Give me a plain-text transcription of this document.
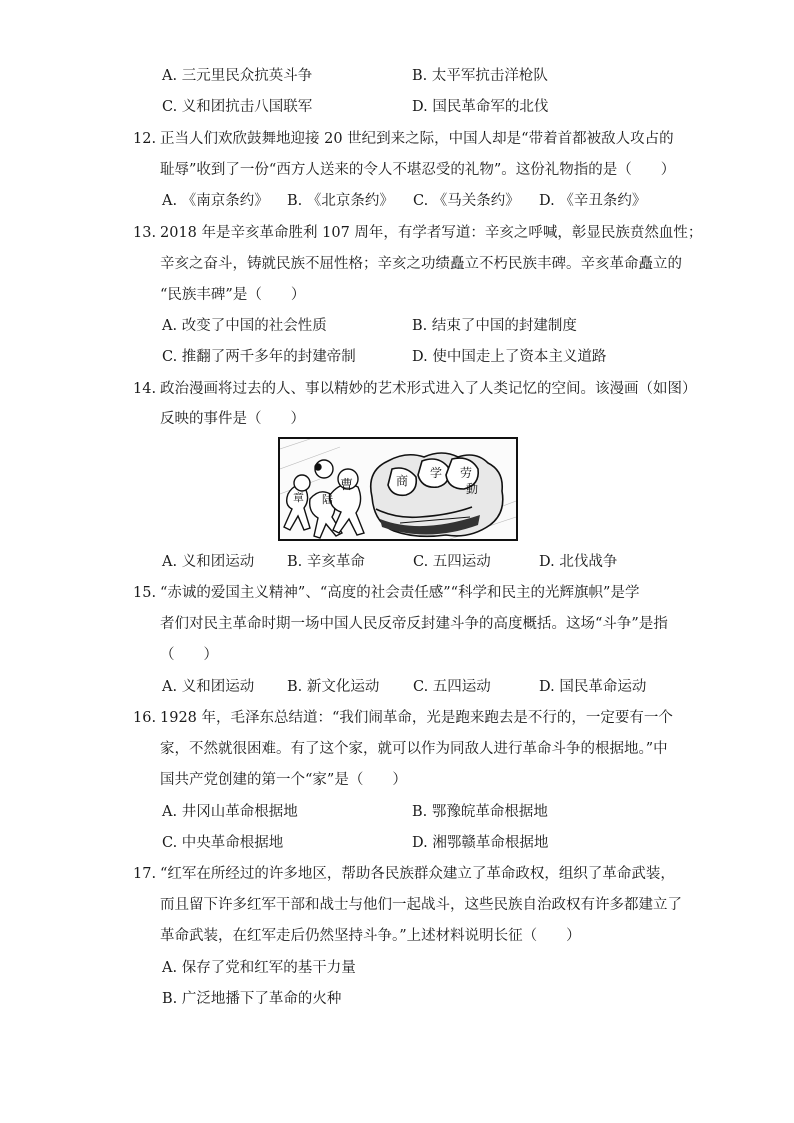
A. 三元里民众抗英斗争	B. 太平军抗击洋枪队
C. 义和团抗击八国联军	D. 国民革命军的北伐
12. 正当人们欢欣鼓舞地迎接 20 世纪到来之际，中国人却是“带着首都被敌人攻占的
耻辱”收到了一份“西方人送来的令人不堪忍受的礼物”。这份礼物指的是（　　）
A. 《南京条约》 B. 《北京条约》 C. 《马关条约》 D. 《辛丑条约》
13. 2018 年是辛亥革命胜利 107 周年，有学者写道：辛亥之呼喊，彰显民族贲然血性；
辛亥之奋斗，铸就民族不屈性格；辛亥之功绩矗立不朽民族丰碑。辛亥革命矗立的
“民族丰碑”是（　　）
A. 改变了中国的社会性质	B. 结束了中国的封建制度
C. 推翻了两千多年的封建帝制	D. 使中国走上了资本主义道路
14. 政治漫画将过去的人、事以精妙的艺术形式进入了人类记忆的空间。该漫画（如图）
反映的事件是（　　）
章 陆
曹	商
学 劳
動
A. 义和团运动 B. 辛亥革命	C. 五四运动	D. 北伐战争
15. “赤诚的爱国主义精神”、“高度的社会责任感”“科学和民主的光辉旗帜”是学
者们对民主革命时期一场中国人民反帝反封建斗争的高度概括。这场“斗争”是指
（　　）
A. 义和团运动 B. 新文化运动 C. 五四运动	D. 国民革命运动
16. 1928 年，毛泽东总结道：“我们闹革命，光是跑来跑去是不行的，一定要有一个
家，不然就很困难。有了这个家，就可以作为同敌人进行革命斗争的根据地。”中
国共产党创建的第一个“家”是（　　）
A. 井冈山革命根据地	B. 鄂豫皖革命根据地
C. 中央革命根据地	D. 湘鄂赣革命根据地
17. “红军在所经过的许多地区，帮助各民族群众建立了革命政权，组织了革命武装，
而且留下许多红军干部和战士与他们一起战斗，这些民族自治政权有许多都建立了
革命武装，在红军走后仍然坚持斗争。”上述材料说明长征（　　）
A. 保存了党和红军的基干力量
B. 广泛地播下了革命的火种
